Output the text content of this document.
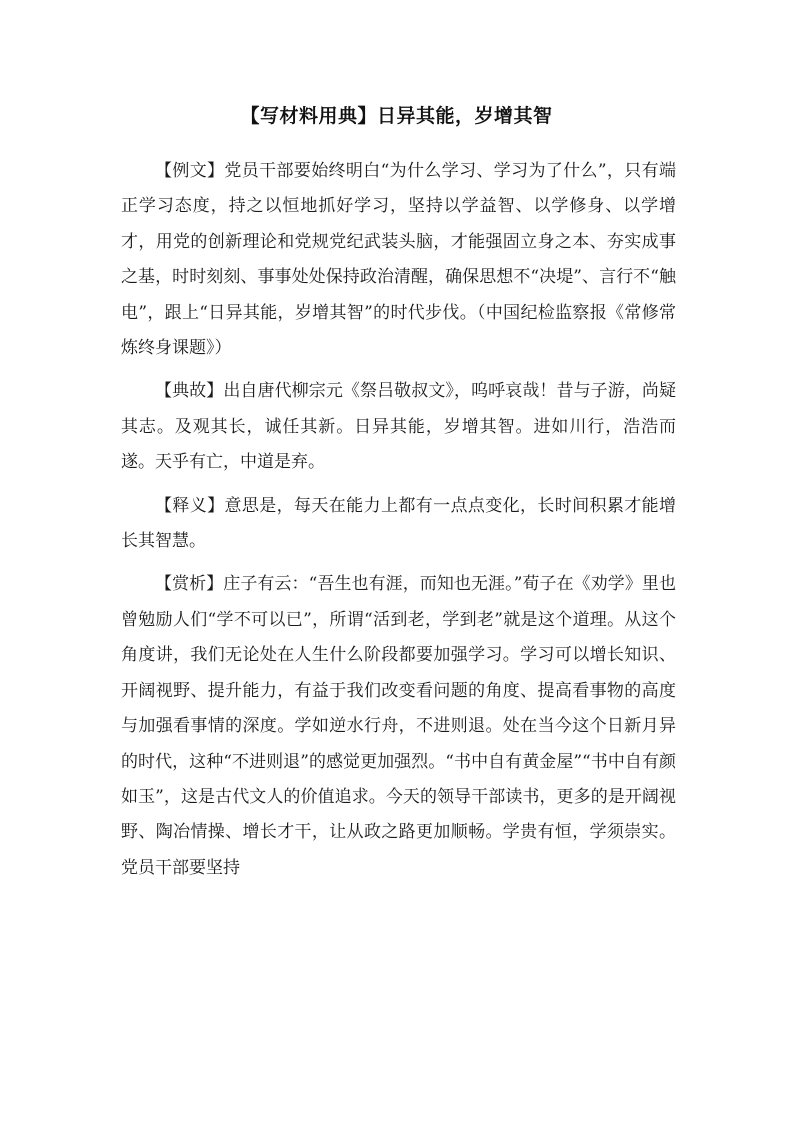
【写材料用典】日异其能，岁增其智

【例文】党员干部要始终明白“为什么学习、学习为了什么”，只有端正学习态度，持之以恒地抓好学习，坚持以学益智、以学修身、以学增才，用党的创新理论和党规党纪武装头脑，才能强固立身之本、夯实成事之基，时时刻刻、事事处处保持政治清醒，确保思想不“决堤”、言行不“触电”，跟上“日异其能，岁增其智”的时代步伐。（中国纪检监察报《常修常炼终身课题》）

【典故】出自唐代柳宗元《祭吕敬叔文》，呜呼哀哉！昔与子游，尚疑其志。及观其长，诚任其新。日异其能，岁增其智。进如川行，浩浩而遂。天乎有亡，中道是弃。

【释义】意思是，每天在能力上都有一点点变化，长时间积累才能增长其智慧。

【赏析】庄子有云：“吾生也有涯，而知也无涯。”荀子在《劝学》里也曾勉励人们“学不可以已”，所谓“活到老，学到老”就是这个道理。从这个角度讲，我们无论处在人生什么阶段都要加强学习。学习可以增长知识、开阔视野、提升能力，有益于我们改变看问题的角度、提高看事物的高度与加强看事情的深度。学如逆水行舟，不进则退。处在当今这个日新月异的时代，这种“不进则退”的感觉更加强烈。“书中自有黄金屋”“书中自有颜如玉”，这是古代文人的价值追求。今天的领导干部读书，更多的是开阔视野、陶冶情操、增长才干，让从政之路更加顺畅。学贵有恒，学须崇实。党员干部要坚持
